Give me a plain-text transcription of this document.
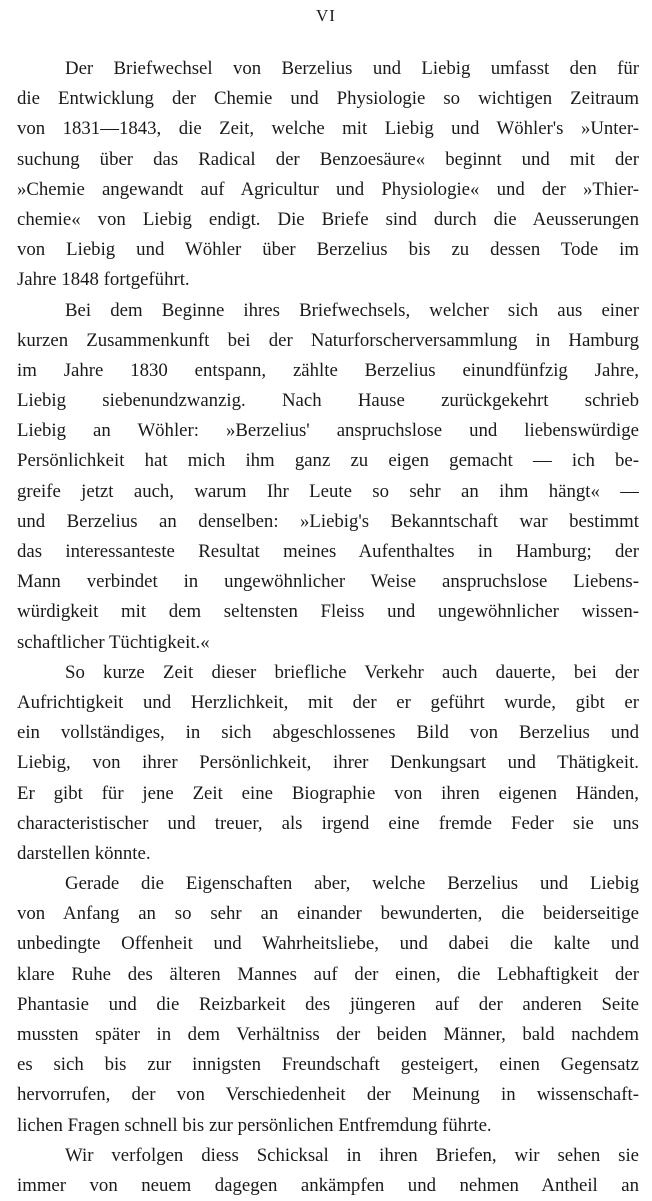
VI

Der Briefwechsel von Berzelius und Liebig umfasst den für

die Entwicklung der Chemie und Physiologie so wichtigen Zeitraum

von 1831—1843, die Zeit, welche mit Liebig und Wöhler's »Unter-

suchung über das Radical der Benzoesäure« beginnt und mit der

»Chemie angewandt auf Agricultur und Physiologie« und der »Thier-

chemie« von Liebig endigt. Die Briefe sind durch die Aeusserungen

von Liebig und Wöhler über Berzelius bis zu dessen Tode im

Jahre 1848 fortgeführt.

Bei dem Beginne ihres Briefwechsels, welcher sich aus einer

kurzen Zusammenkunft bei der Naturforscherversammlung in Hamburg

im Jahre 1830 entspann, zählte Berzelius einundfünfzig Jahre,

Liebig siebenundzwanzig. Nach Hause zurückgekehrt schrieb

Liebig an Wöhler: »Berzelius' anspruchslose und liebenswürdige

Persönlichkeit hat mich ihm ganz zu eigen gemacht — ich be-

greife jetzt auch, warum Ihr Leute so sehr an ihm hängt« —

und Berzelius an denselben: »Liebig's Bekanntschaft war bestimmt

das interessanteste Resultat meines Aufenthaltes in Hamburg; der

Mann verbindet in ungewöhnlicher Weise anspruchslose Liebens-

würdigkeit mit dem seltensten Fleiss und ungewöhnlicher wissen-

schaftlicher Tüchtigkeit.«

So kurze Zeit dieser briefliche Verkehr auch dauerte, bei der

Aufrichtigkeit und Herzlichkeit, mit der er geführt wurde, gibt er

ein vollständiges, in sich abgeschlossenes Bild von Berzelius und

Liebig, von ihrer Persönlichkeit, ihrer Denkungsart und Thätigkeit.

Er gibt für jene Zeit eine Biographie von ihren eigenen Händen,

characteristischer und treuer, als irgend eine fremde Feder sie uns

darstellen könnte.

Gerade die Eigenschaften aber, welche Berzelius und Liebig

von Anfang an so sehr an einander bewunderten, die beiderseitige

unbedingte Offenheit und Wahrheitsliebe, und dabei die kalte und

klare Ruhe des älteren Mannes auf der einen, die Lebhaftigkeit der

Phantasie und die Reizbarkeit des jüngeren auf der anderen Seite

mussten später in dem Verhältniss der beiden Männer, bald nachdem

es sich bis zur innigsten Freundschaft gesteigert, einen Gegensatz

hervorrufen, der von Verschiedenheit der Meinung in wissenschaft-

lichen Fragen schnell bis zur persönlichen Entfremdung führte.

Wir verfolgen diess Schicksal in ihren Briefen, wir sehen sie

immer von neuem dagegen ankämpfen und nehmen Antheil an
